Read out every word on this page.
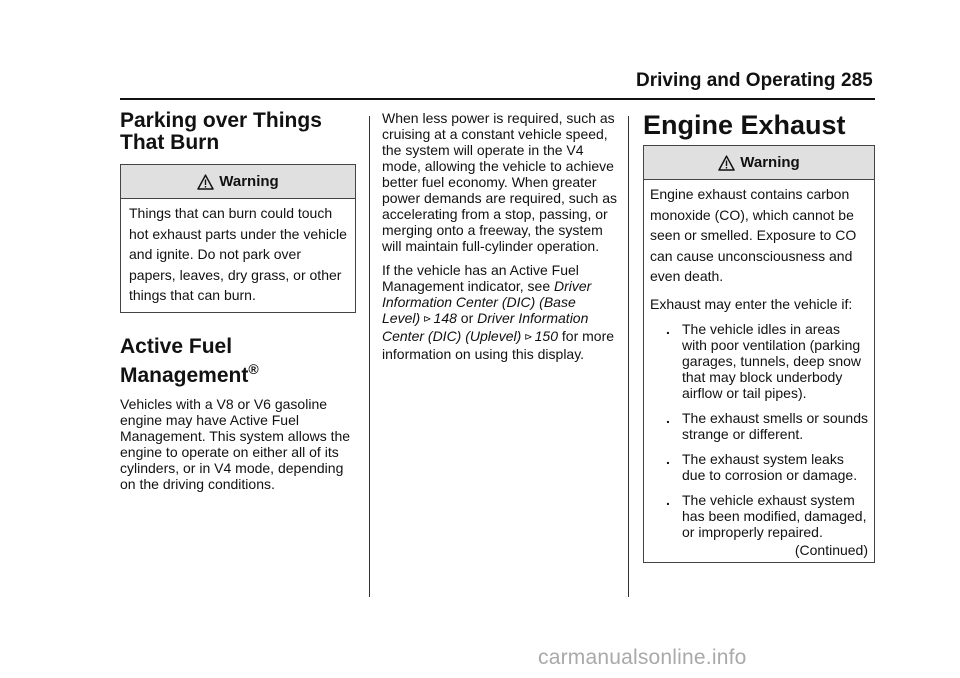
Driving and Operating 285
Parking over Things
That Burn
Warning

Things that can burn could touch hot exhaust parts under the vehicle and ignite. Do not park over papers, leaves, dry grass, or other things that can burn.

Active Fuel Management®

Vehicles with a V8 or V6 gasoline engine may have Active Fuel Management. This system allows the engine to operate on either all of its cylinders, or in V4 mode, depending on the driving conditions.

When less power is required, such as cruising at a constant vehicle speed, the system will operate in the V4 mode, allowing the vehicle to achieve better fuel economy. When greater power demands are required, such as accelerating from a stop, passing, or merging onto a freeway, the system will maintain full-cylinder operation.

If the vehicle has an Active Fuel Management indicator, see Driver Information Center (DIC) (Base Level) ⊳ 148 or Driver Information Center (DIC) (Uplevel) ⊳ 150 for more information on using this display.

Engine Exhaust
Warning

Engine exhaust contains carbon monoxide (CO), which cannot be seen or smelled. Exposure to CO can cause unconsciousness and even death.

Exhaust may enter the vehicle if:

. The vehicle idles in areas with poor ventilation (parking garages, tunnels, deep snow that may block underbody airflow or tail pipes).
. The exhaust smells or sounds strange or different.
. The exhaust system leaks due to corrosion or damage.
. The vehicle exhaust system has been modified, damaged, or improperly repaired.
(Continued)
carmanualsonline.info
